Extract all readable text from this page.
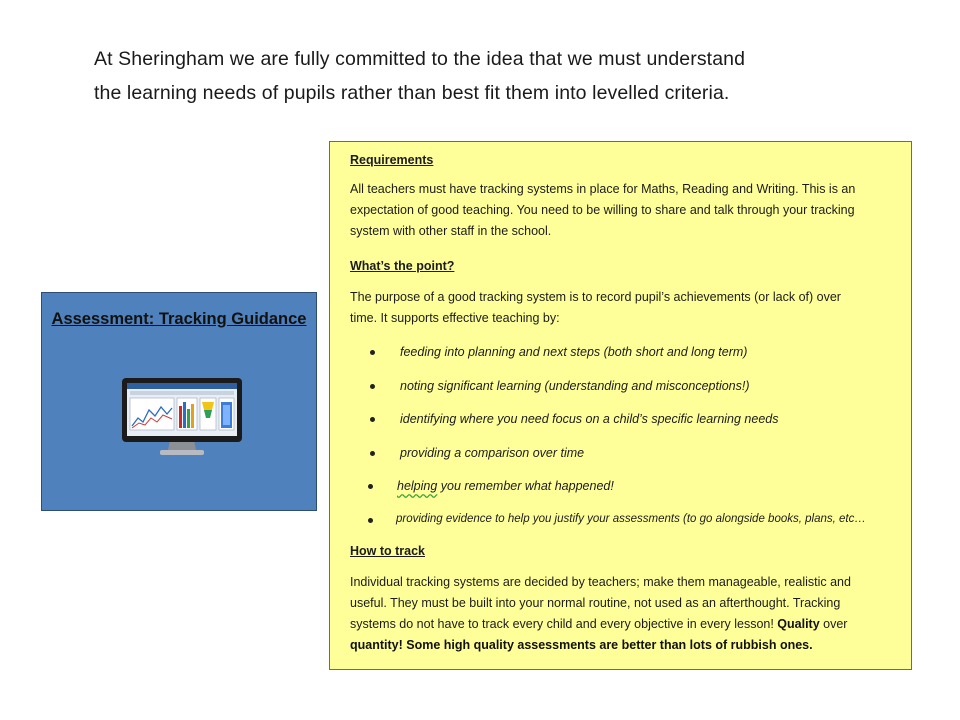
At Sheringham we are fully committed to the idea that we must understand
the learning needs of pupils rather than best fit them into levelled criteria.

Assessment: Tracking Guidance
Requirements
All teachers must have tracking systems in place for Maths, Reading and Writing. This is an
expectation of good teaching. You need to be willing to share and talk through your tracking
system with other staff in the school.
What’s the point?
The purpose of a good tracking system is to record pupil’s achievements (or lack of) over
time. It supports effective teaching by:
feeding into planning and next steps (both short and long term)
noting significant learning (understanding and misconceptions!)
identifying where you need focus on a child’s specific learning needs
providing a comparison over time
helping you remember what happened!
providing evidence to help you justify your assessments (to go alongside books, plans, etc…
How to track
Individual tracking systems are decided by teachers; make them manageable, realistic and
useful. They must be built into your normal routine, not used as an afterthought. Tracking
systems do not have to track every child and every objective in every lesson! Quality over
quantity! Some high quality assessments are better than lots of rubbish ones.
